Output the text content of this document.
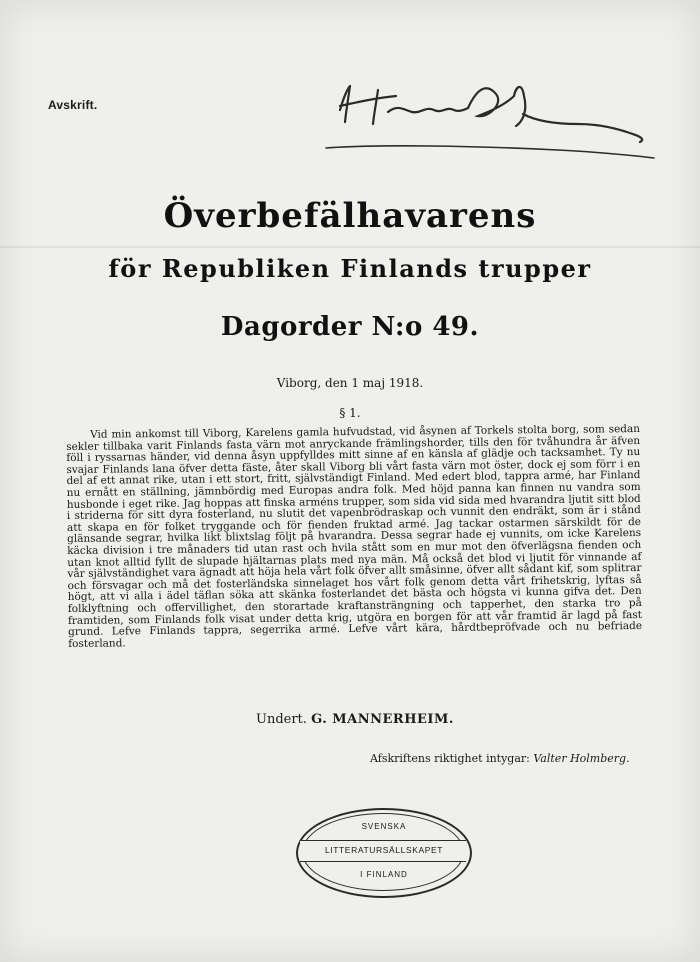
Avskrift.
Överbefälhavarens
för Republiken Finlands trupper
Dagorder N:o 49.
Viborg, den 1 maj 1918.
§ 1.
Vid min ankomst till Viborg, Karelens gamla hufvudstad, vid åsynen af Torkels stolta borg, som sedan sekler tillbaka varit Finlands fasta värn mot anryckande främlingshorder, tills den för tvåhundra år äfven föll i ryssarnas händer, vid denna åsyn uppfylldes mitt sinne af en känsla af glädje och tacksamhet. Ty nu svajar Finlands lana öfver detta fäste, åter skall Viborg bli vårt fasta värn mot öster, dock ej som förr i en del af ett annat rike, utan i ett stort, fritt, självständigt Finland. Med edert blod, tappra armé, har Finland nu ernått en ställning, jämnbördig med Europas andra folk. Med höjd panna kan finnen nu vandra som husbonde i eget rike. Jag hoppas att finska arméns trupper, som sida vid sida med hvarandra ljutit sitt blod i striderna för sitt dyra fosterland, nu slutit det vapenbrödraskap och vunnit den endräkt, som är i stånd att skapa en för folket tryggande och för fienden fruktad armé. Jag tackar ostarmen särskildt för de glänsande segrar, hvilka likt blixtslag följt på hvarandra. Dessa segrar hade ej vunnits, om icke Karelens käcka division i tre månaders tid utan rast och hvila stått som en mur mot den öfverlägsna fienden och utan knot alltid fyllt de slupade hjältarnas plats med nya män. Må också det blod vi ljutit för vinnande af vår självständighet vara ägnadt att höja hela vårt folk öfver allt småsinne, öfver allt sådant kif, som splitrar och försvagar och må det fosterländska sinnelaget hos vårt folk genom detta vårt frihetskrig, lyftas så högt, att vi alla i ädel täflan söka att skänka fosterlandet det bästa och högsta vi kunna gifva det. Den folklyftning och offervillighet, den storartade kraftansträngning och tapperhet, den starka tro på framtiden, som Finlands folk visat under detta krig, utgöra en borgen för att vår framtid är lagd på fast grund. Lefve Finlands tappra, segerrika armé. Lefve vårt kära, hårdtbepröfvade och nu befriade fosterland.
Undert. G. MANNERHEIM.
Afskriftens riktighet intygar: Valter Holmberg.
SVENSKA
LITTERATURSÄLLSKAPET
I FINLAND
